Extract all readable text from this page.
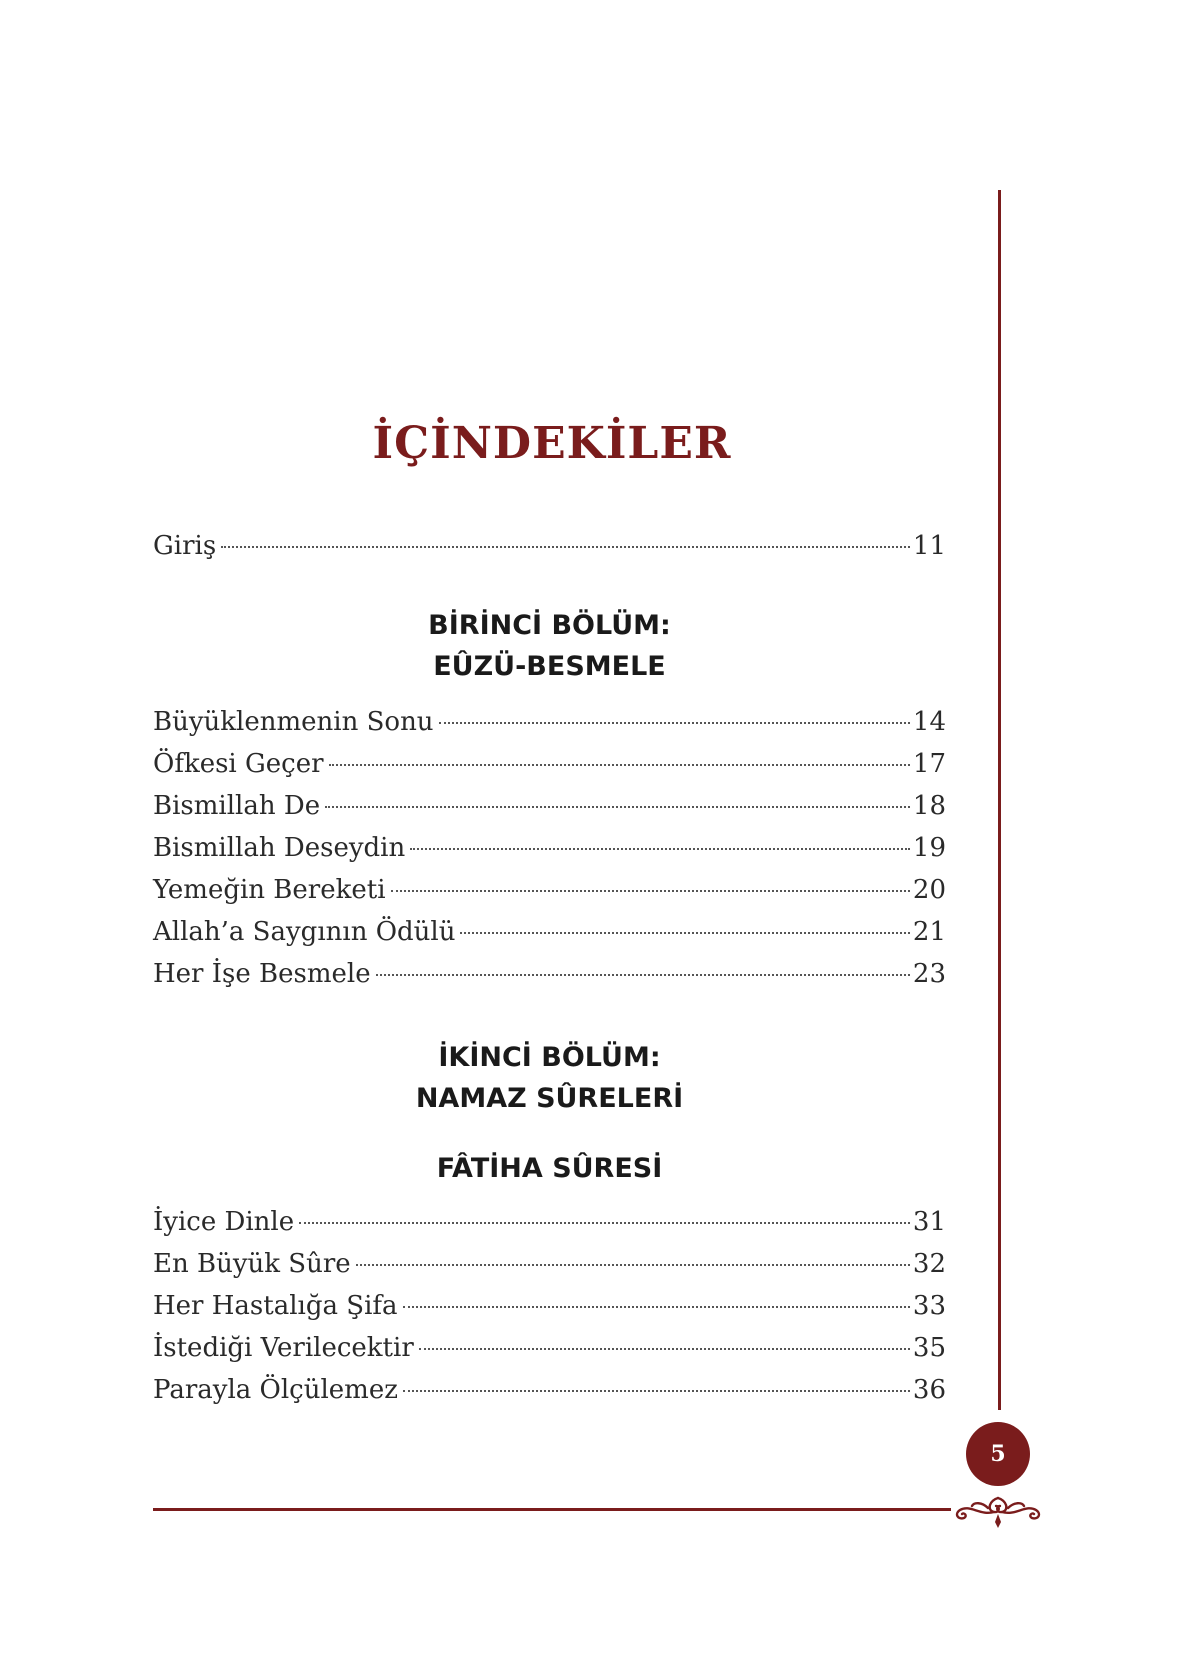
5
İÇİNDEKİLER
Giriş	11
BİRİNCİ BÖLÜM:
EÛZÜ-BESMELE
Büyüklenmenin Sonu	14
Öfkesi Geçer	17
Bismillah De	18
Bismillah Deseydin	19
Yemeğin Bereketi	20
Allah’a Saygının Ödülü	21
Her İşe Besmele	23
İKİNCİ BÖLÜM:
NAMAZ SÛRELERİ
FÂTİHA SÛRESİ
İyice Dinle	31
En Büyük Sûre	32
Her Hastalığa Şifa	33
İstediği Verilecektir	35
Parayla Ölçülemez	36
